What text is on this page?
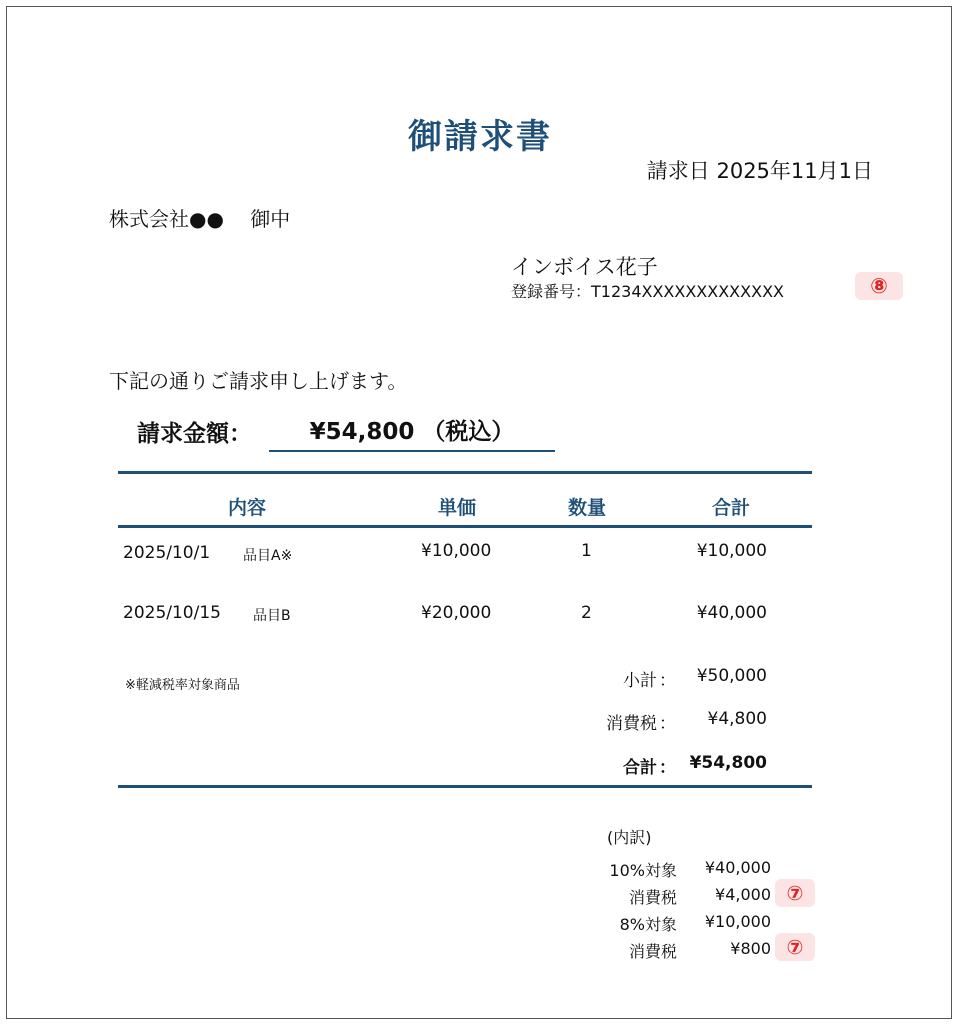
御請求書
請求日 2025年11月1日
株式会社●●　 御中
インボイス花子
登録番号：T1234XXXXXXXXXXXXX	⑧
下記の通りご請求申し上げます。
請求金額：	¥54,800 （税込）
内容	単価	数量	合計
2025/10/1 品目A※	¥10,000	1	¥10,000
2025/10/15 品目B	¥20,000	2	¥40,000
※軽減税率対象商品	小計 ：	¥50,000
消費税 ：	¥4,800
合計 ： ¥54,800
(内訳)
10%対象	¥40,000
消費税	¥4,000 ⑦
8%対象	¥10,000
消費税	¥800 ⑦
